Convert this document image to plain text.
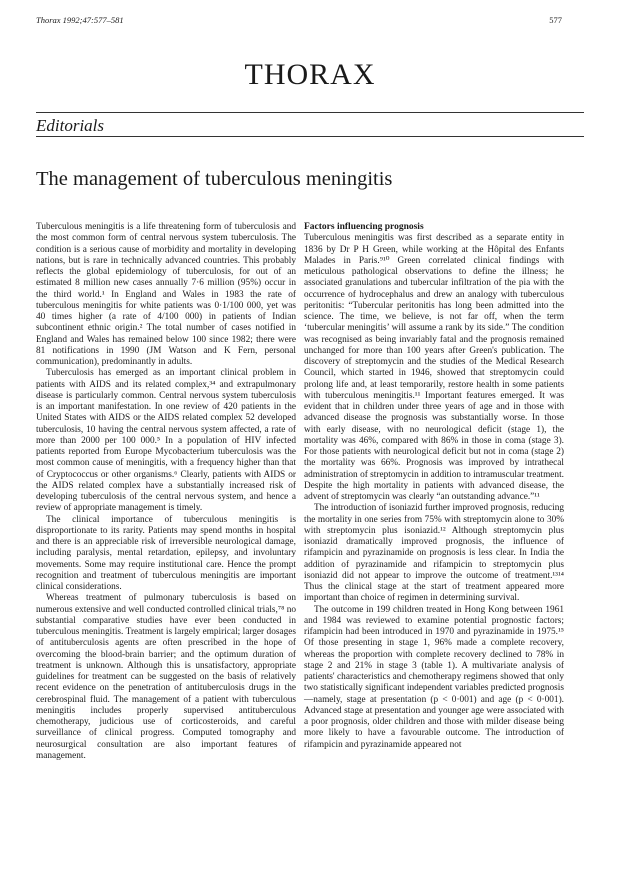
Thorax 1992;47:577–581	577
THORAX
Editorials
The management of tuberculous meningitis

Tuberculous meningitis is a life threatening form of tuberculosis and the most common form of central nervous system tuberculosis. The condition is a serious cause of morbidity and mortality in developing nations, but is rare in technically advanced countries. This probably reflects the global epidemiology of tuberculosis, for out of an estimated 8 million new cases annually 7·6 million (95%) occur in the third world.¹ In England and Wales in 1983 the rate of tuberculous meningitis for white patients was 0·1/100 000, yet was 40 times higher (a rate of 4/100 000) in patients of Indian subcontinent ethnic origin.² The total number of cases notified in England and Wales has remained below 100 since 1982; there were 81 notifications in 1990 (JM Watson and K Fern, personal communication), predominantly in adults.

Tuberculosis has emerged as an important clinical problem in patients with AIDS and its related complex,³⁴ and extrapulmonary disease is particularly common. Central nervous system tuberculosis is an important manifestation. In one review of 420 patients in the United States with AIDS or the AIDS related complex 52 developed tuberculosis, 10 having the central nervous system affected, a rate of more than 2000 per 100 000.⁵ In a population of HIV infected patients reported from Europe Mycobacterium tuberculosis was the most common cause of meningitis, with a frequency higher than that of Cryptococcus or other organisms.⁶ Clearly, patients with AIDS or the AIDS related complex have a substantially increased risk of developing tuberculosis of the central nervous system, and hence a review of appropriate management is timely.

The clinical importance of tuberculous meningitis is disproportionate to its rarity. Patients may spend months in hospital and there is an appreciable risk of irreversible neurological damage, including paralysis, mental retardation, epilepsy, and involuntary movements. Some may require institutional care. Hence the prompt recognition and treatment of tuberculous meningitis are important clinical considerations.

Whereas treatment of pulmonary tuberculosis is based on numerous extensive and well conducted controlled clinical trials,⁷⁸ no substantial comparative studies have ever been conducted in tuberculous meningitis. Treatment is largely empirical; larger dosages of antituberculosis agents are often prescribed in the hope of overcoming the blood-brain barrier; and the optimum duration of treatment is unknown. Although this is unsatisfactory, appropriate guidelines for treatment can be suggested on the basis of relatively recent evidence on the penetration of antituberculosis drugs in the cerebrospinal fluid. The management of a patient with tuberculous meningitis includes properly supervised antituberculous chemotherapy, judicious use of corticosteroids, and careful surveillance of clinical progress. Computed tomography and neurosurgical consultation are also important features of management.

Factors influencing prognosis

Tuberculous meningitis was first described as a separate entity in 1836 by Dr P H Green, while working at the Hôpital des Enfants Malades in Paris.⁹¹⁰ Green correlated clinical findings with meticulous pathological observations to define the illness; he associated granulations and tubercular infiltration of the pia with the occurrence of hydrocephalus and drew an analogy with tuberculous peritonitis: “Tubercular peritonitis has long been admitted into the science. The time, we believe, is not far off, when the term ‘tubercular meningitis’ will assume a rank by its side.” The condition was recognised as being invariably fatal and the prognosis remained unchanged for more than 100 years after Green's publication. The discovery of streptomycin and the studies of the Medical Research Council, which started in 1946, showed that streptomycin could prolong life and, at least temporarily, restore health in some patients with tuberculous meningitis.¹¹ Important features emerged. It was evident that in children under three years of age and in those with advanced disease the prognosis was substantially worse. In those with early disease, with no neurological deficit (stage 1), the mortality was 46%, compared with 86% in those in coma (stage 3). For those patients with neurological deficit but not in coma (stage 2) the mortality was 66%. Prognosis was improved by intrathecal administration of streptomycin in addition to intramuscular treatment. Despite the high mortality in patients with advanced disease, the advent of streptomycin was clearly “an outstanding advance.”¹¹

The introduction of isoniazid further improved prognosis, reducing the mortality in one series from 75% with streptomycin alone to 30% with streptomycin plus isoniazid.¹² Although streptomycin plus isoniazid dramatically improved prognosis, the influence of rifampicin and pyrazinamide on prognosis is less clear. In India the addition of pyrazinamide and rifampicin to streptomycin plus isoniazid did not appear to improve the outcome of treatment.¹³¹⁴ Thus the clinical stage at the start of treatment appeared more important than choice of regimen in determining survival.

The outcome in 199 children treated in Hong Kong between 1961 and 1984 was reviewed to examine potential prognostic factors; rifampicin had been introduced in 1970 and pyrazinamide in 1975.¹⁵ Of those presenting in stage 1, 96% made a complete recovery, whereas the proportion with complete recovery declined to 78% in stage 2 and 21% in stage 3 (table 1). A multivariate analysis of patients' characteristics and chemotherapy regimens showed that only two statistically significant independent variables predicted prognosis—namely, stage at presentation (p < 0·001) and age (p < 0·001). Advanced stage at presentation and younger age were associated with a poor prognosis, older children and those with milder disease being more likely to have a favourable outcome. The introduction of rifampicin and pyrazinamide appeared not
